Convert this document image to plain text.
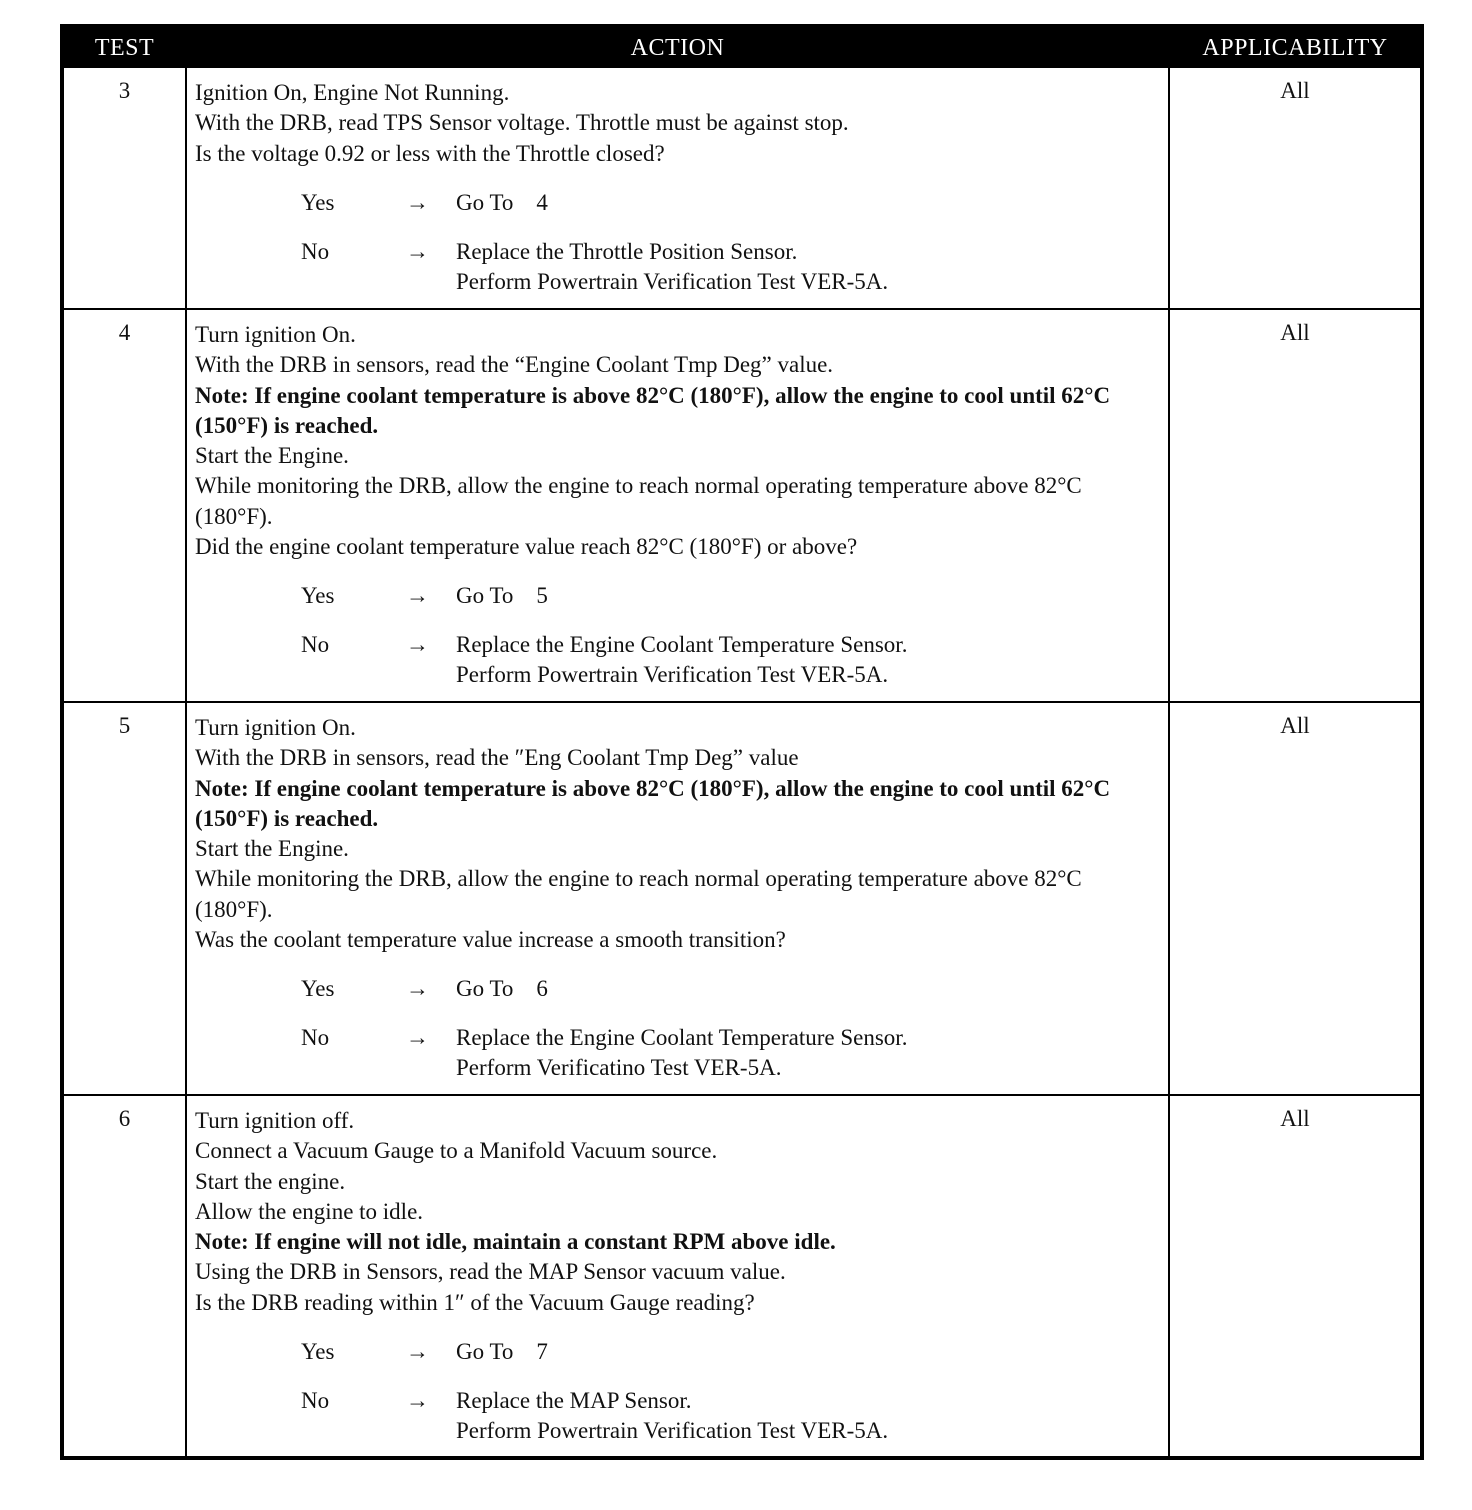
TEST	ACTION	APPLICABILITY
3	Ignition On, Engine Not Running.
With the DRB, read TPS Sensor voltage. Throttle must be against stop.
Is the voltage 0.92 or less with the Throttle closed?
Yes	→	Go To    4
No	→	Replace the Throttle Position Sensor.
Perform Powertrain Verification Test VER-5A.
All
4	Turn ignition On.
With the DRB in sensors, read the “Engine Coolant Tmp Deg” value.
Note: If engine coolant temperature is above 82°C (180°F), allow the engine to cool until 62°C (150°F) is reached.
Start the Engine.
While monitoring the DRB, allow the engine to reach normal operating temperature above 82°C (180°F).
Did the engine coolant temperature value reach 82°C (180°F) or above?
Yes	→	Go To    5
No	→	Replace the Engine Coolant Temperature Sensor.
Perform Powertrain Verification Test VER-5A.
All
5	Turn ignition On.
With the DRB in sensors, read the ″Eng Coolant Tmp Deg” value
Note: If engine coolant temperature is above 82°C (180°F), allow the engine to cool until 62°C (150°F) is reached.
Start the Engine.
While monitoring the DRB, allow the engine to reach normal operating temperature above 82°C (180°F).
Was the coolant temperature value increase a smooth transition?
Yes	→	Go To    6
No	→	Replace the Engine Coolant Temperature Sensor.
Perform Verificatino Test VER-5A.
All
6	Turn ignition off.
Connect a Vacuum Gauge to a Manifold Vacuum source.
Start the engine.
Allow the engine to idle.
Note: If engine will not idle, maintain a constant RPM above idle.
Using the DRB in Sensors, read the MAP Sensor vacuum value.
Is the DRB reading within 1″ of the Vacuum Gauge reading?
Yes	→	Go To    7
No	→	Replace the MAP Sensor.
Perform Powertrain Verification Test VER-5A.
All
